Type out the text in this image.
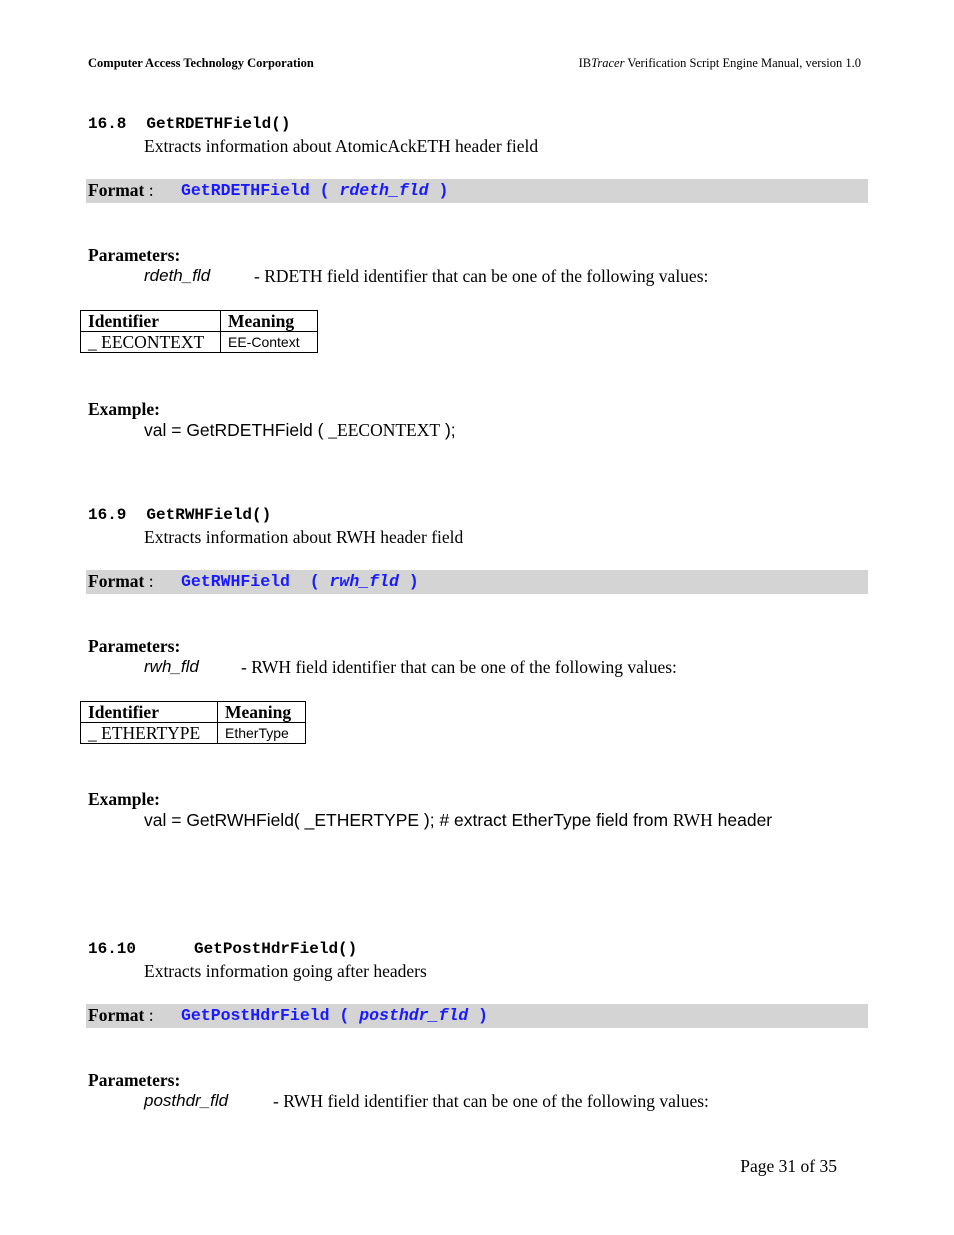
Computer Access Technology Corporation	IBTracer Verification Script Engine Manual, version 1.0
16.8 GetRDETHField()
Extracts information about AtomicAckETH header field
Format : GetRDETHField ( rdeth_fld )
Parameters:
rdeth_fld	- RDETH field identifier that can be one of the following values:
Identifier	Meaning
_ EECONTEXT	EE-Context
Example:
val = GetRDETHField ( _EECONTEXT );
16.9 GetRWHField()
Extracts information about RWH header field
Format : GetRWHField  ( rwh_fld )
Parameters:
rwh_fld - RWH field identifier that can be one of the following values:
Identifier	Meaning
_ ETHERTYPE	EtherType
Example:
val = GetRWHField( _ETHERTYPE ); # extract EtherType field from RWH header
16.10	GetPostHdrField()
Extracts information going after headers
Format : GetPostHdrField ( posthdr_fld )
Parameters:
posthdr_fld	- RWH field identifier that can be one of the following values:
Page 31 of 35
